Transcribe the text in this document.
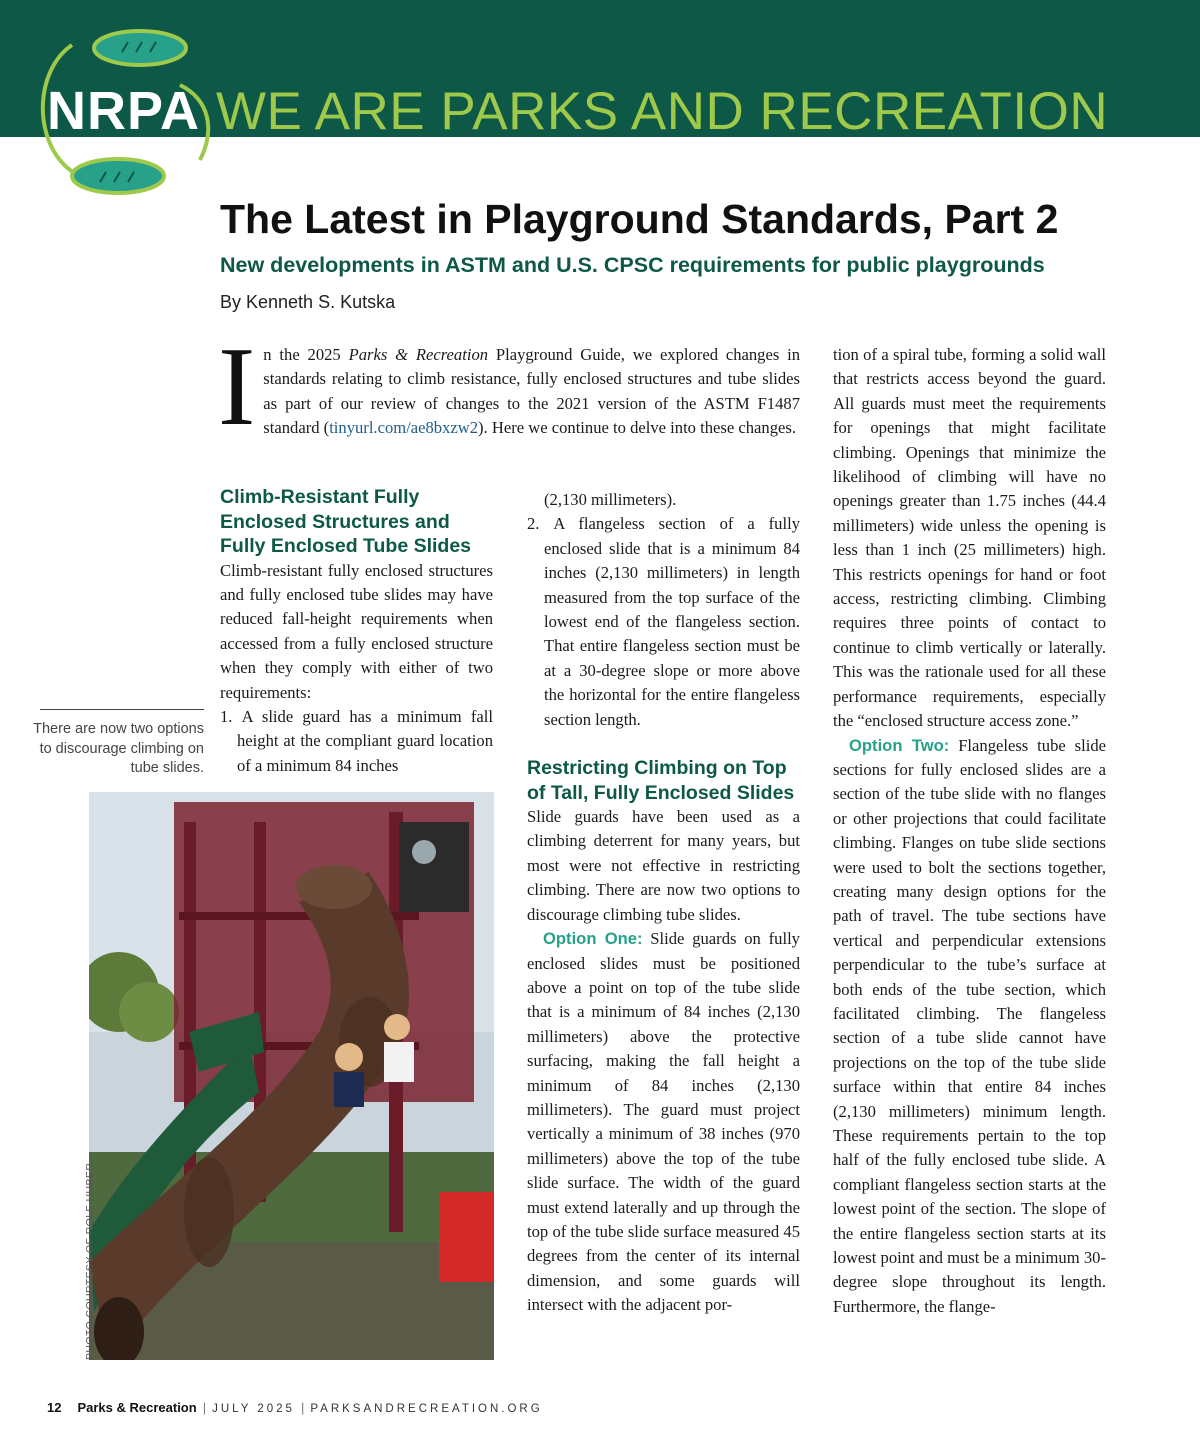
NRPA WE ARE PARKS AND RECREATION
The Latest in Playground Standards, Part 2
New developments in ASTM and U.S. CPSC requirements for public playgrounds
By Kenneth S. Kutska
In the 2025 Parks & Recreation Playground Guide, we explored changes in standards relating to climb resistance, fully enclosed structures and tube slides as part of our review of changes to the 2021 version of the ASTM F1487 standard (tinyurl.com/ae8bxzw2). Here we continue to delve into these changes.
Climb-Resistant Fully Enclosed Structures and Fully Enclosed Tube Slides

Climb-resistant fully enclosed structures and fully enclosed tube slides may have reduced fall-height requirements when accessed from a fully enclosed structure when they comply with either of two requirements:

1. A slide guard has a minimum fall height at the compliant guard location of a minimum 84 inches

There are now two options to discourage climbing on tube slides.
PHOTO COURTESY OF ROLF HUBER

(2,130 millimeters).

2. A flangeless section of a fully enclosed slide that is a minimum 84 inches (2,130 millimeters) in length measured from the top surface of the lowest end of the flangeless section. That entire flangeless section must be at a 30-degree slope or more above the horizontal for the entire flangeless section length.

Restricting Climbing on Top of Tall, Fully Enclosed Slides

Slide guards have been used as a climbing deterrent for many years, but most were not effective in restricting climbing. There are now two options to discourage climbing tube slides.

Option One: Slide guards on fully enclosed slides must be positioned above a point on top of the tube slide that is a minimum of 84 inches (2,130 millimeters) above the protective surfacing, making the fall height a minimum of 84 inches (2,130 millimeters). The guard must project vertically a minimum of 38 inches (970 millimeters) above the top of the tube slide surface. The width of the guard must extend laterally and up through the top of the tube slide surface measured 45 degrees from the center of its internal dimension, and some guards will intersect with the adjacent por-

tion of a spiral tube, forming a solid wall that restricts access beyond the guard. All guards must meet the requirements for openings that might facilitate climbing. Openings that minimize the likelihood of climbing will have no openings greater than 1.75 inches (44.4 millimeters) wide unless the opening is less than 1 inch (25 millimeters) high. This restricts openings for hand or foot access, restricting climbing. Climbing requires three points of contact to continue to climb vertically or laterally. This was the rationale used for all these performance requirements, especially the “enclosed structure access zone.”

Option Two: Flangeless tube slide sections for fully enclosed slides are a section of the tube slide with no flanges or other projections that could facilitate climbing. Flanges on tube slide sections were used to bolt the sections together, creating many design options for the path of travel. The tube sections have vertical and perpendicular extensions perpendicular to the tube’s surface at both ends of the tube section, which facilitated climbing. The flangeless section of a tube slide cannot have projections on the top of the tube slide surface within that entire 84 inches (2,130 millimeters) minimum length. These requirements pertain to the top half of the fully enclosed tube slide. A compliant flangeless section starts at the lowest point of the section. The slope of the entire flangeless section starts at its lowest point and must be a minimum 30-degree slope throughout its length. Furthermore, the flange-

12 Parks & Recreation | JULY 2025 | PARKSANDRECREATION.ORG
